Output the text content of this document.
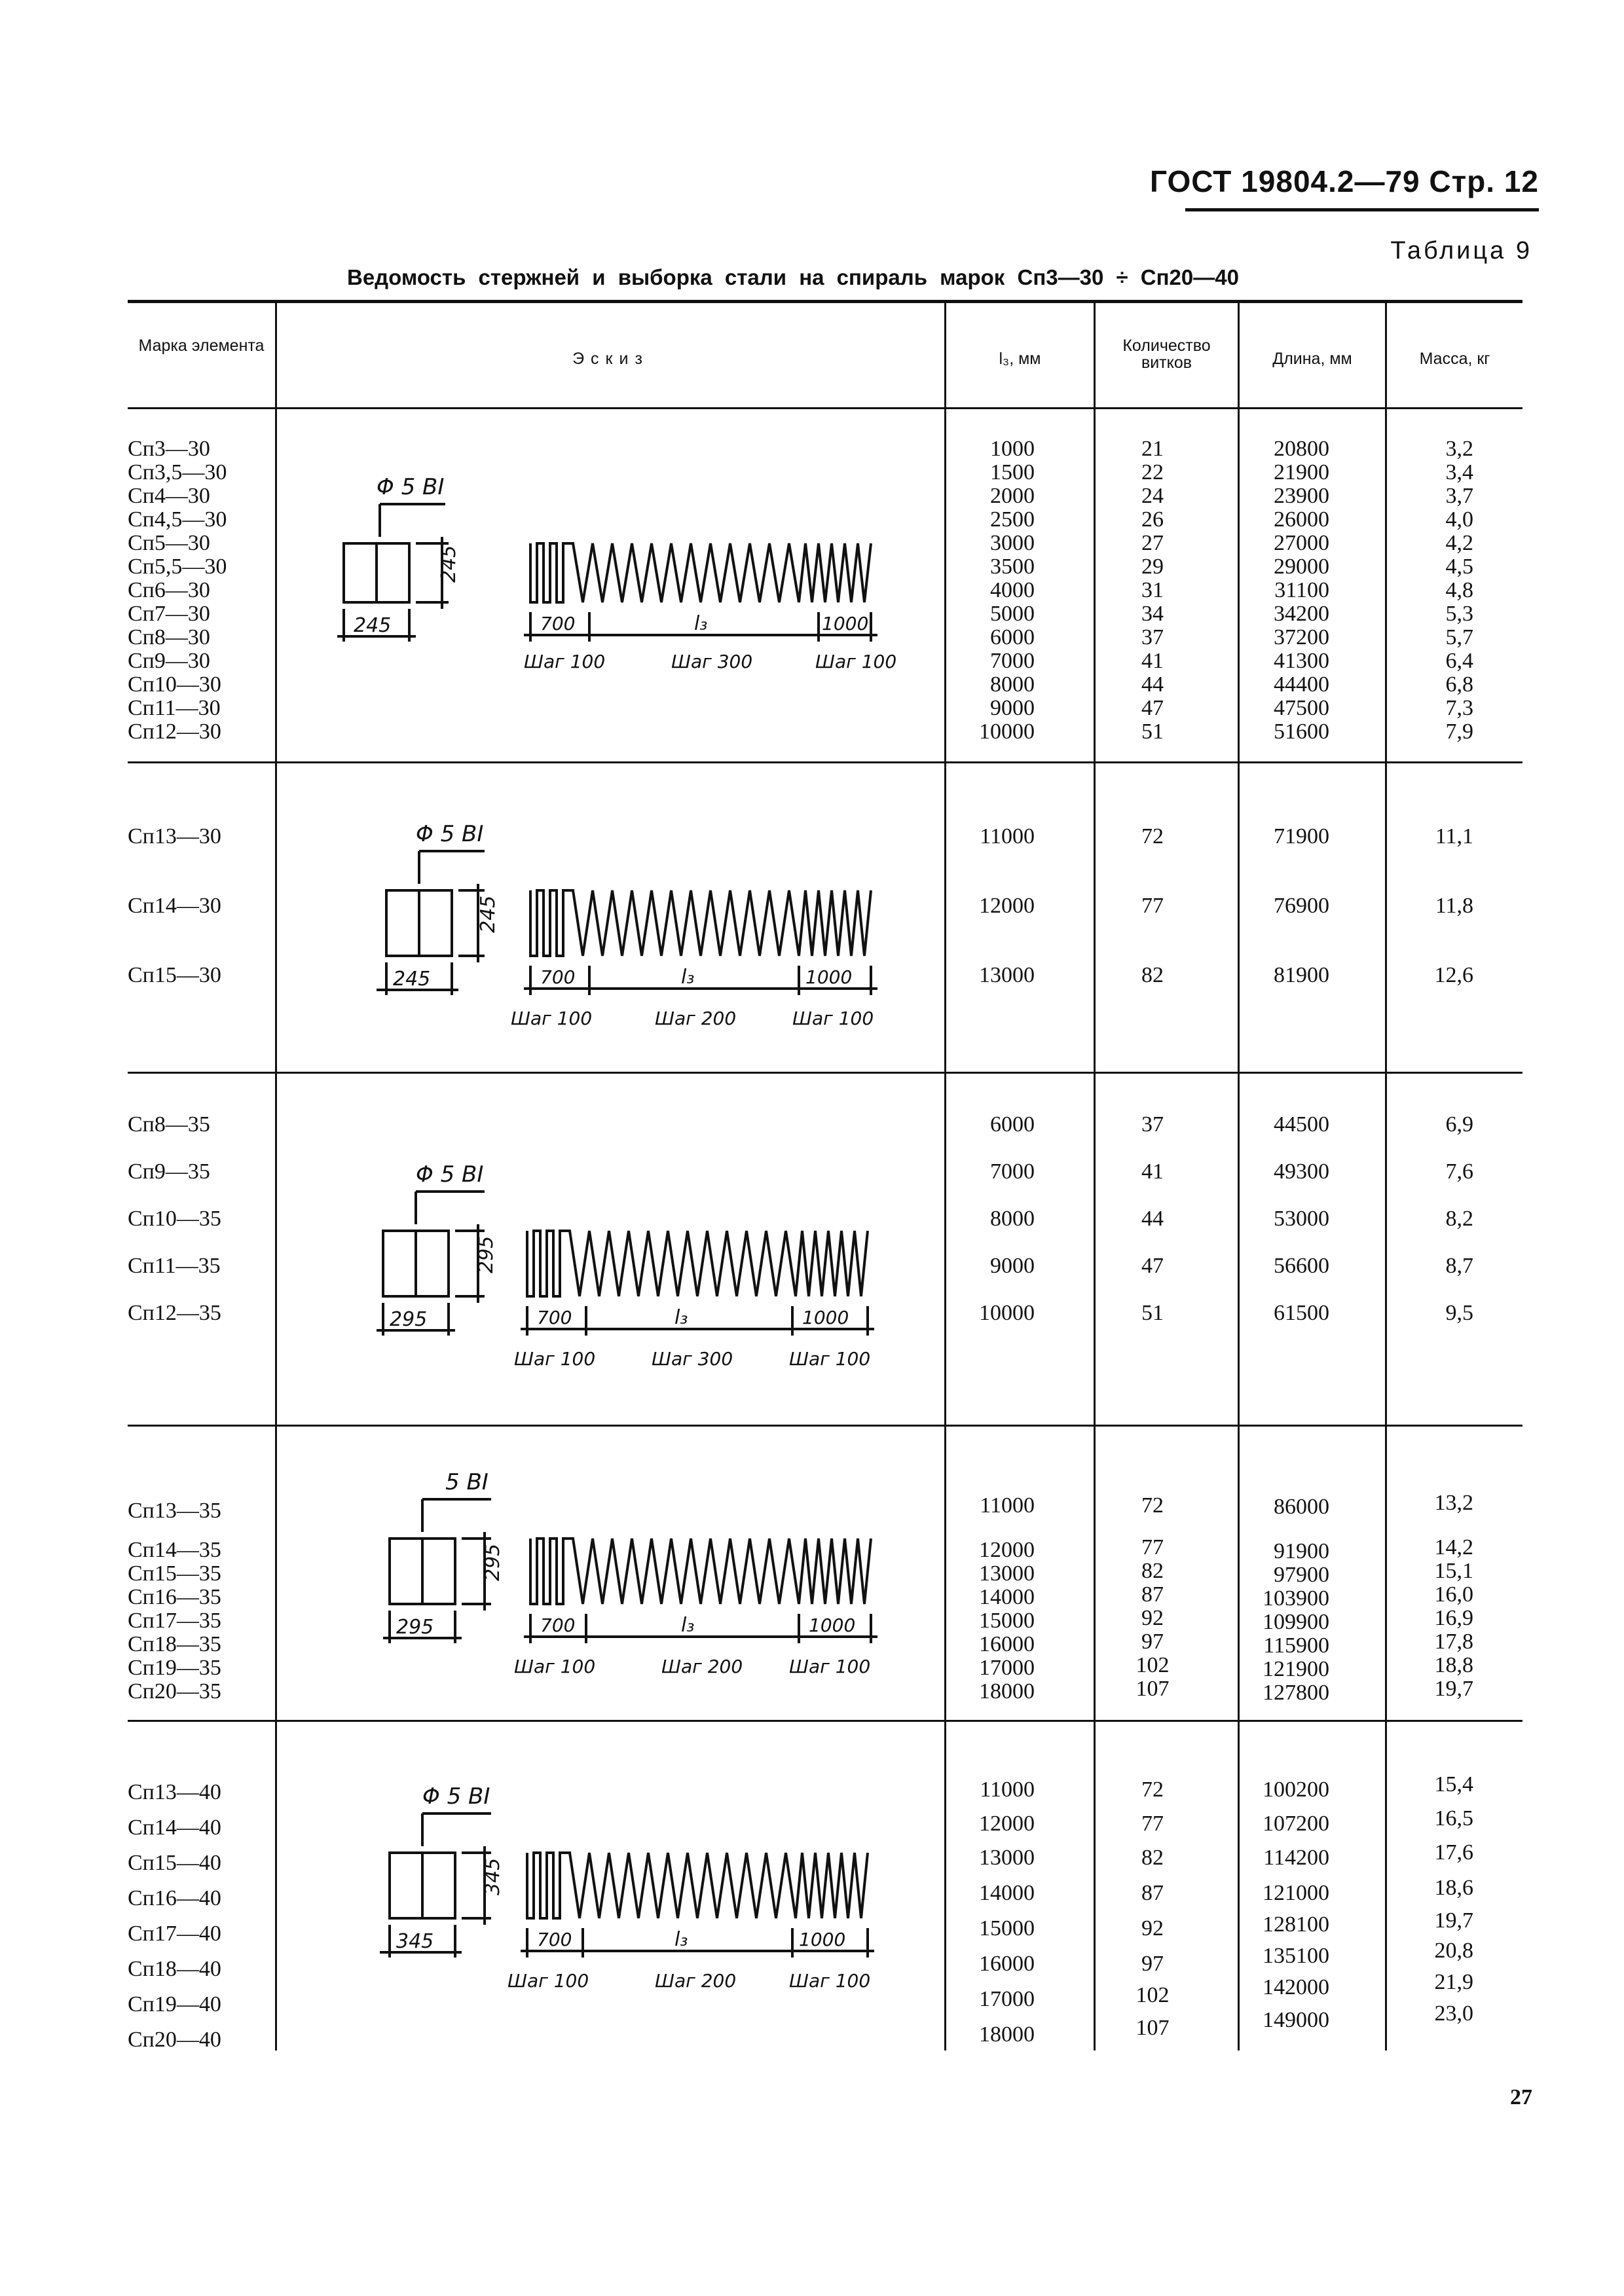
ГОСТ 19804.2—79 Стр. 12
Таблица 9
Ведомость стержней и выборка стали на спираль марок Сп3—30 ÷ Сп20—40
Марка элемента
Эскиз	l₃, мм
Количество витков	Длина, мм	Масса, кг
Сп3—30	1000	21	20800	3,2
Сп3,5—30	1500	22	21900	3,4
Сп4—30	2000	24	23900	3,7
Сп4,5—30	2500	26	26000	4,0
Сп5—30	3000	27	27000	4,2
Сп5,5—30	3500	29	29000	4,5
Сп6—30	4000	31	31100	4,8
Сп7—30	5000	34	34200	5,3
Сп8—30	6000	37	37200	5,7
Сп9—30	7000	41	41300	6,4
Сп10—30	8000	44	44400	6,8
Сп11—30	9000	47	47500	7,3
Сп12—30	10000	51	51600	7,9
Сп13—30	11000	72	71900	11,1
Сп14—30	12000	77	76900	11,8
Сп15—30	13000	82	81900	12,6
Сп8—35	6000	37	44500	6,9
Сп9—35	7000	41	49300	7,6
Сп10—35	8000	44	53000	8,2
Сп11—35	9000	47	56600	8,7
Сп12—35	10000	51	61500	9,5
Сп13—35	11000	72	86000	13,2
Сп14—35	12000	77	91900	14,2
Сп15—35	13000	82	97900	15,1
Сп16—35	14000	87	103900	16,0
Сп17—35	15000	92	109900	16,9
Сп18—35	16000	97	115900	17,8
Сп19—35	17000	102	121900	18,8
Сп20—35	18000	107	127800	19,7
Сп13—40	11000	72	100200	15,4
Сп14—40	12000	77	107200	16,5
Сп15—40	13000	82	114200	17,6
Сп16—40	14000	87	121000	18,6
Сп17—40	15000	92	128100	19,7
Сп18—40	16000	97	135100	20,8
Сп19—40	17000	102	142000	21,9
Сп20—40	18000	107	149000	23,0
Φ 5 ВI
245
245	700	l₃	1000
Шаг 100	Шаг 300	Шаг 100
Φ 5 ВI
245
245	700	l₃	1000
Шаг 100	Шаг 200	Шаг 100
Φ 5 ВI
295
295	700	l₃	1000
Шаг 100	Шаг 300	Шаг 100
5 ВI
295
295	700	l₃	1000
Шаг 100	Шаг 200	Шаг 100
Φ 5 ВI
345
345	700	l₃	1000
Шаг 100	Шаг 200	Шаг 100
27
